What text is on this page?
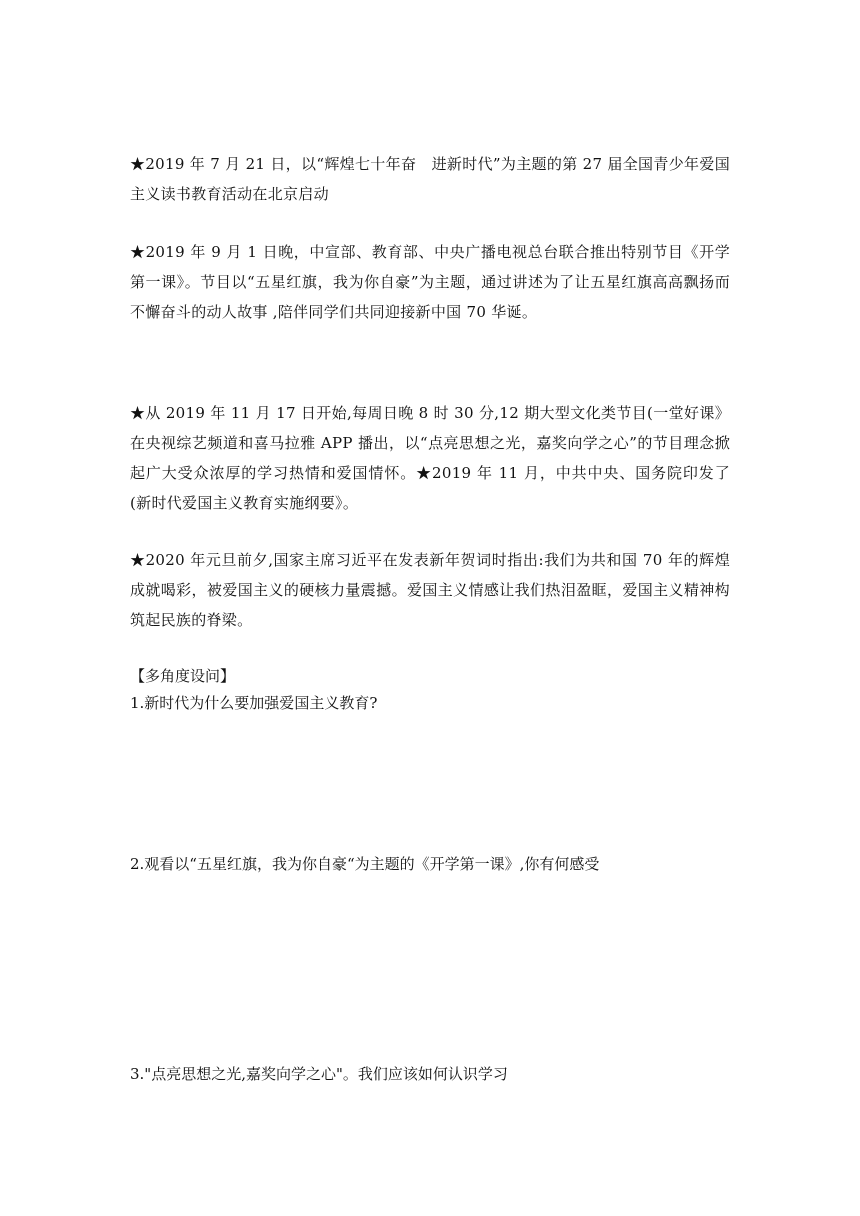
★2019 年 7 月 21 日，以“辉煌七十年奋　进新时代”为主题的第 27 届全国青少年爱国主义读书教育活动在北京启动

★2019 年 9 月 1 日晚，中宣部、教育部、中央广播电视总台联合推出特别节目《开学第一课》。节目以“五星红旗，我为你自豪”为主题，通过讲述为了让五星红旗高高飘扬而不懈奋斗的动人故事 ,陪伴同学们共同迎接新中国 70 华诞。

★从 2019 年 11 月 17 日开始,每周日晚 8 时 30 分,12 期大型文化类节目(一堂好课》在央视综艺频道和喜马拉雅 APP 播出，以“点亮思想之光，嘉奖向学之心”的节目理念掀起广大受众浓厚的学习热情和爱国情怀。★2019 年 11 月，中共中央、国务院印发了(新时代爱国主义教育实施纲要》。

★2020 年元旦前夕,国家主席习近平在发表新年贺词时指出:我们为共和国 70 年的辉煌成就喝彩，被爱国主义的硬核力量震撼。爱国主义情感让我们热泪盈眶，爱国主义精神构筑起民族的脊梁。

【多角度设问】

1.新时代为什么要加强爱国主义教育?

2.观看以“五星红旗，我为你自豪“为主题的《开学第一课》,你有何感受

3."点亮思想之光,嘉奖向学之心"。我们应该如何认识学习
